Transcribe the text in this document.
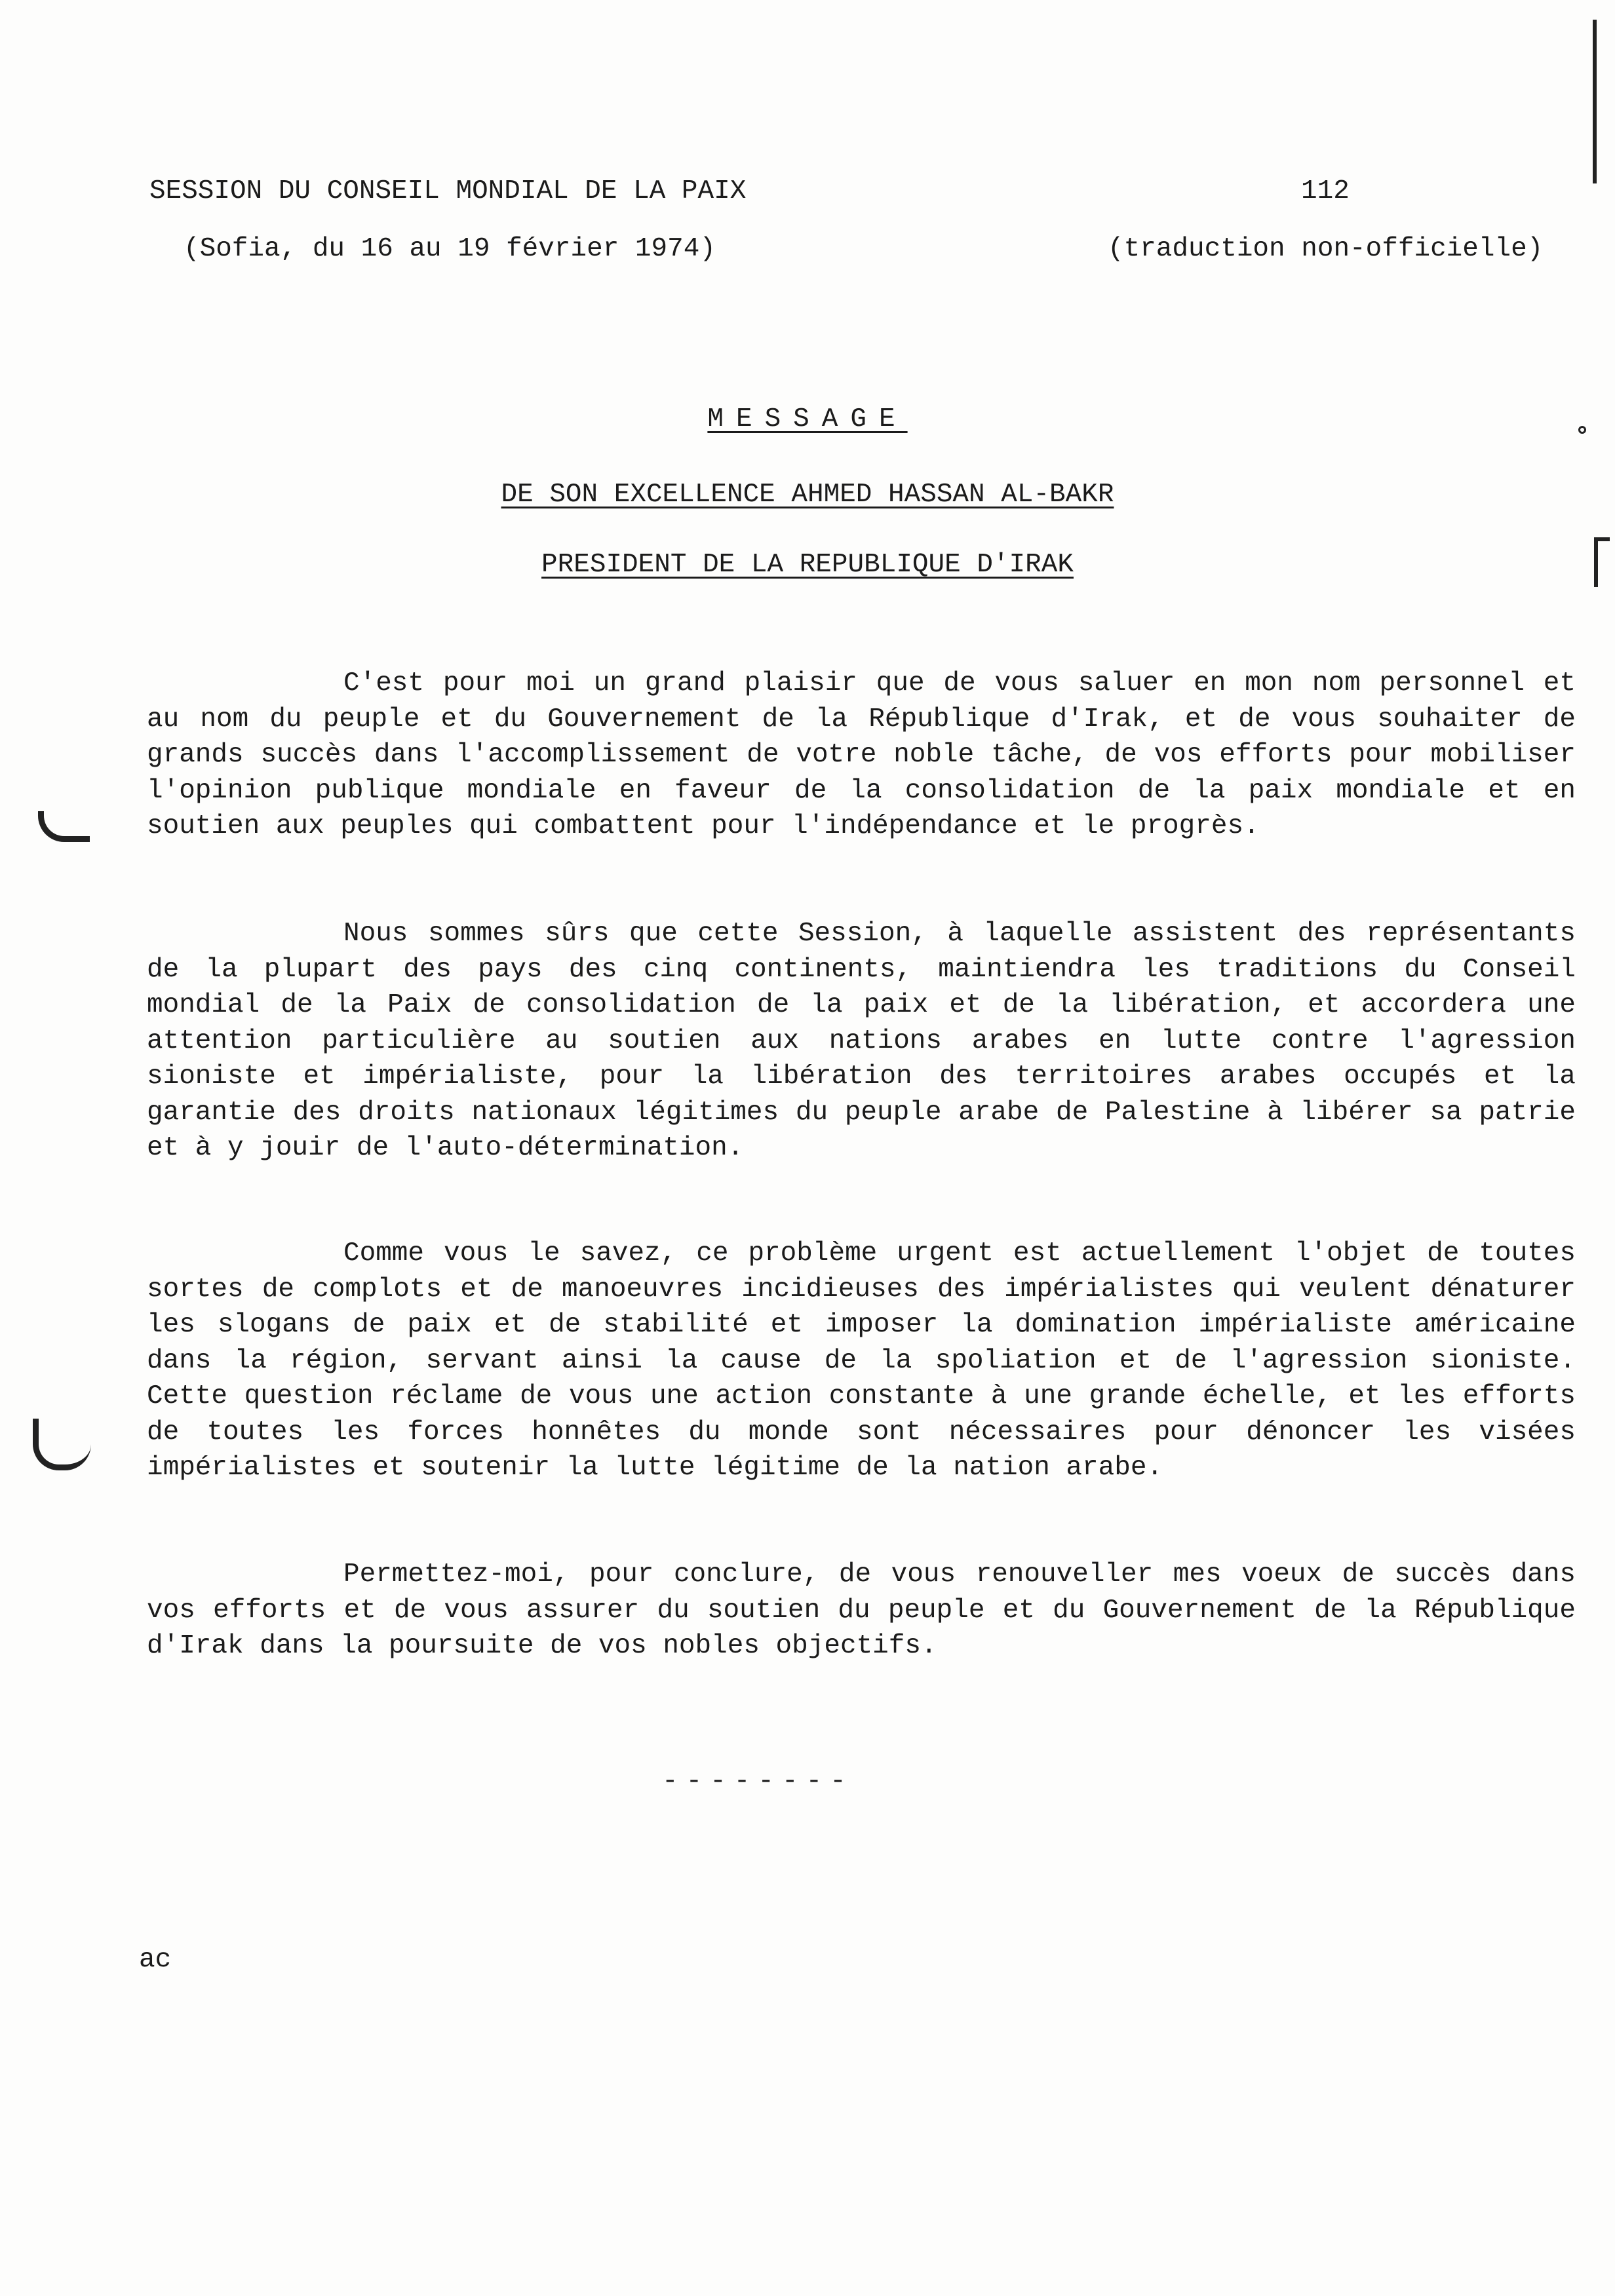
SESSION DU CONSEIL MONDIAL DE LA PAIX	112
(Sofia, du 16 au 19 février 1974)	(traduction non-officielle)
MESSAGE
DE SON EXCELLENCE AHMED HASSAN AL-BAKR
PRESIDENT DE LA REPUBLIQUE D'IRAK

C'est pour moi un grand plaisir que de vous saluer en mon nom personnel et au nom du peuple et du Gouvernement de la République d'Irak, et de vous souhaiter de grands succès dans l'accomplissement de votre noble tâche, de vos efforts pour mobiliser l'opinion publique mondiale en faveur de la consolidation de la paix mondiale et en soutien aux peuples qui combattent pour l'indépendance et le progrès.

Nous sommes sûrs que cette Session, à laquelle assistent des représentants de la plupart des pays des cinq continents, maintiendra les traditions du Conseil mondial de la Paix de consolidation de la paix et de la libération, et accordera une attention particulière au soutien aux nations arabes en lutte contre l'agression sioniste et impérialiste, pour la libération des territoires arabes occupés et la garantie des droits nationaux légitimes du peuple arabe de Palestine à libérer sa patrie et à y jouir de l'auto-détermination.

Comme vous le savez, ce problème urgent est actuellement l'objet de toutes sortes de complots et de manoeuvres incidieuses des impérialistes qui veulent dénaturer les slogans de paix et de stabilité et imposer la domination impérialiste américaine dans la région, servant ainsi la cause de la spoliation et de l'agression sioniste. Cette question réclame de vous une action constante à une grande échelle, et les efforts de toutes les forces honnêtes du monde sont nécessaires pour dénoncer les visées impérialistes et soutenir la lutte légitime de la nation arabe.

Permettez-moi, pour conclure, de vous renouveller mes voeux de succès dans vos efforts et de vous assurer du soutien du peuple et du Gouvernement de la République d'Irak dans la poursuite de vos nobles objectifs.

--------
ac
